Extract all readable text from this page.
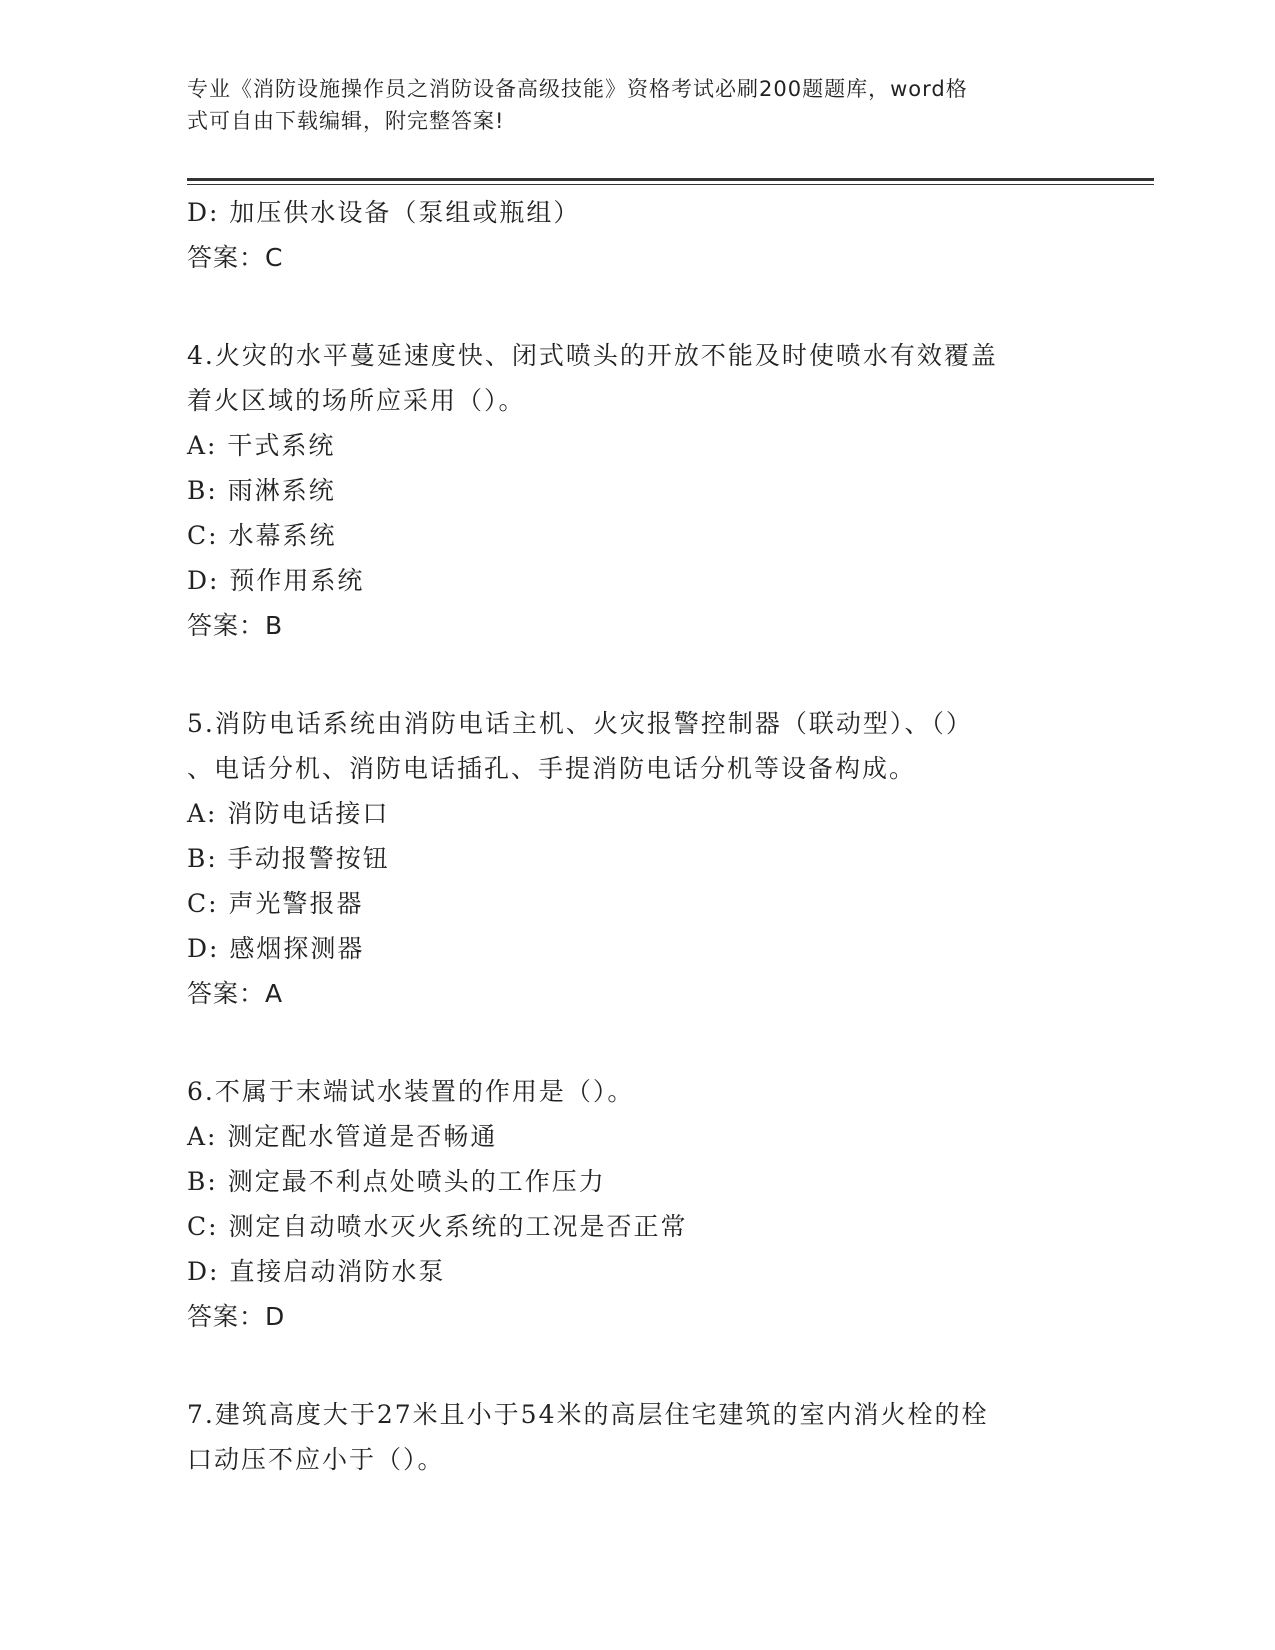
专业《消防设施操作员之消防设备高级技能》资格考试必刷200题题库，word格
式可自由下载编辑，附完整答案!
D: 加压供水设备（泵组或瓶组）
答案：C
4.火灾的水平蔓延速度快、闭式喷头的开放不能及时使喷水有效覆盖
着火区域的场所应采用（）。
A: 干式系统
B: 雨淋系统
C: 水幕系统
D: 预作用系统
答案：B
5.消防电话系统由消防电话主机、火灾报警控制器（联动型）、（）
、电话分机、消防电话插孔、手提消防电话分机等设备构成。
A: 消防电话接口
B: 手动报警按钮
C: 声光警报器
D: 感烟探测器
答案：A
6.不属于末端试水装置的作用是（）。
A: 测定配水管道是否畅通
B: 测定最不利点处喷头的工作压力
C: 测定自动喷水灭火系统的工况是否正常
D: 直接启动消防水泵
答案：D
7.建筑高度大于27米且小于54米的高层住宅建筑的室内消火栓的栓
口动压不应小于（）。
